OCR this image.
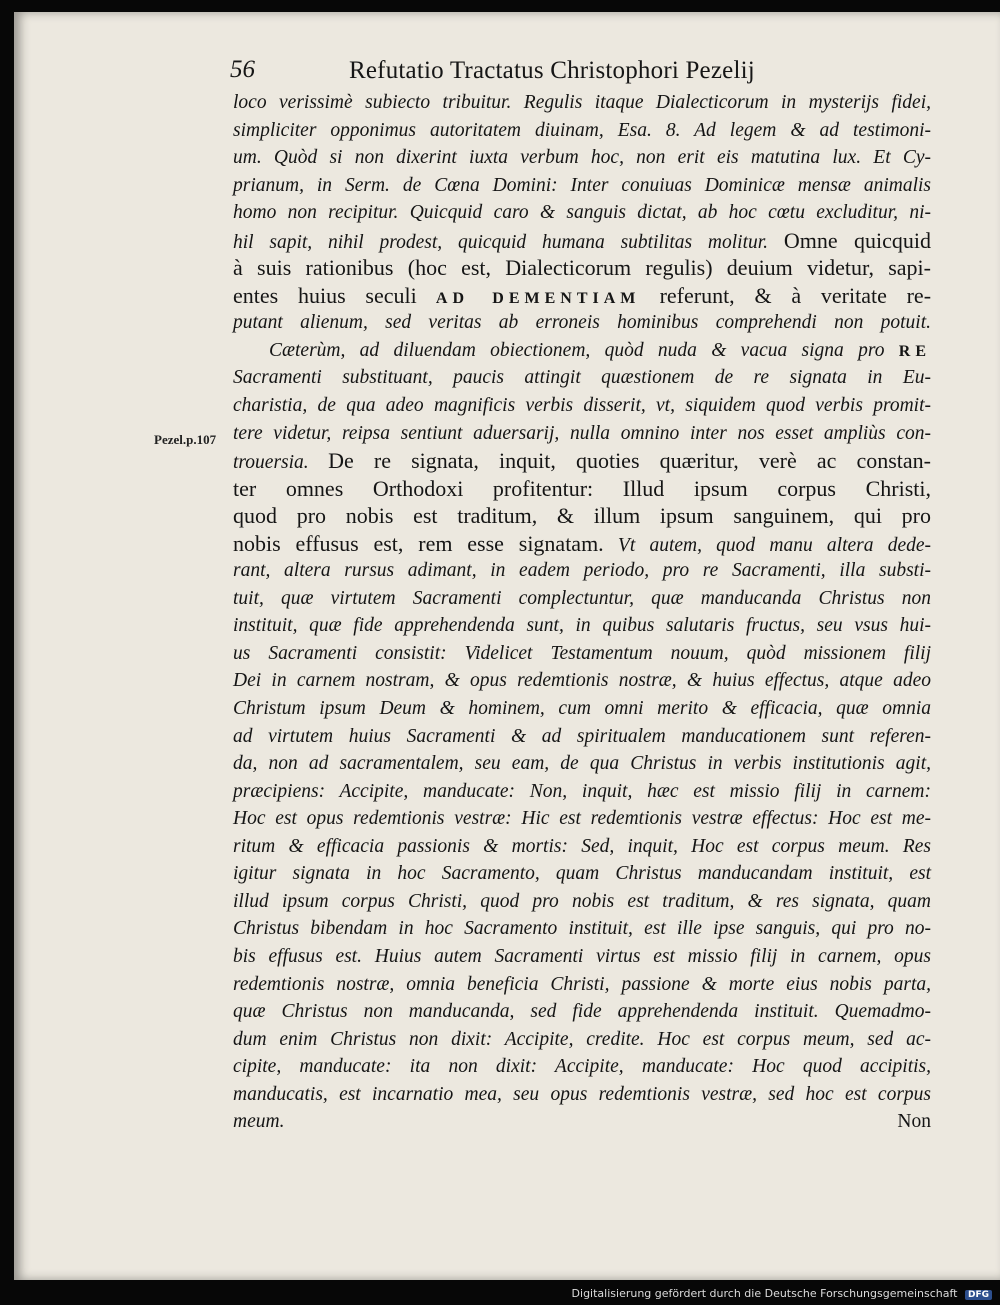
56	Refutatio Tractatus Christophori Pezelij
Pezel.p.107
loco verissimè subiecto tribuitur. Regulis itaque Dialecticorum in mysterijs fidei,
simpliciter opponimus autoritatem diuinam, Esa. 8. Ad legem & ad testimoni-
um. Quòd si non dixerint iuxta verbum hoc, non erit eis matutina lux. Et Cy-
prianum, in Serm. de Cœna Domini: Inter conuiuas Dominicæ mensæ animalis
homo non recipitur. Quicquid caro & sanguis dictat, ab hoc cœtu excluditur, ni-
hil sapit, nihil prodest, quicquid humana subtilitas molitur. Omne quicquid
à suis rationibus (hoc est, Dialecticorum regulis) deuium videtur, sapi-
entes huius seculi AD DEMENTIAM referunt, & à veritate re-
putant alienum, sed veritas ab erroneis hominibus comprehendi non potuit.
Cæterùm, ad diluendam obiectionem, quòd nuda & vacua signa pro RE
Sacramenti substituant, paucis attingit quæstionem de re signata in Eu-
charistia, de qua adeo magnificis verbis disserit, vt, siquidem quod verbis promit-
tere videtur, reipsa sentiunt aduersarij, nulla omnino inter nos esset ampliùs con-
trouersia. De re signata, inquit, quoties quæritur, verè ac constan-
ter omnes Orthodoxi profitentur: Illud ipsum corpus Christi,
quod pro nobis est traditum, & illum ipsum sanguinem, qui pro
nobis effusus est, rem esse signatam. Vt autem, quod manu altera dede-
rant, altera rursus adimant, in eadem periodo, pro re Sacramenti, illa substi-
tuit, quæ virtutem Sacramenti complectuntur, quæ manducanda Christus non
instituit, quæ fide apprehendenda sunt, in quibus salutaris fructus, seu vsus hui-
us Sacramenti consistit: Videlicet Testamentum nouum, quòd missionem filij
Dei in carnem nostram, & opus redemtionis nostræ, & huius effectus, atque adeo
Christum ipsum Deum & hominem, cum omni merito & efficacia, quæ omnia
ad virtutem huius Sacramenti & ad spiritualem manducationem sunt referen-
da, non ad sacramentalem, seu eam, de qua Christus in verbis institutionis agit,
præcipiens: Accipite, manducate: Non, inquit, hæc est missio filij in carnem:
Hoc est opus redemtionis vestræ: Hic est redemtionis vestræ effectus: Hoc est me-
ritum & efficacia passionis & mortis: Sed, inquit, Hoc est corpus meum. Res
igitur signata in hoc Sacramento, quam Christus manducandam instituit, est
illud ipsum corpus Christi, quod pro nobis est traditum, & res signata, quam
Christus bibendam in hoc Sacramento instituit, est ille ipse sanguis, qui pro no-
bis effusus est. Huius autem Sacramenti virtus est missio filij in carnem, opus
redemtionis nostræ, omnia beneficia Christi, passione & morte eius nobis parta,
quæ Christus non manducanda, sed fide apprehendenda instituit. Quemadmo-
dum enim Christus non dixit: Accipite, credite. Hoc est corpus meum, sed ac-
cipite, manducate: ita non dixit: Accipite, manducate: Hoc quod accipitis,
manducatis, est incarnatio mea, seu opus redemtionis vestræ, sed hoc est corpus
meum.	Non
Digitalisierung gefördert durch die Deutsche Forschungsgemeinschaft DFG
